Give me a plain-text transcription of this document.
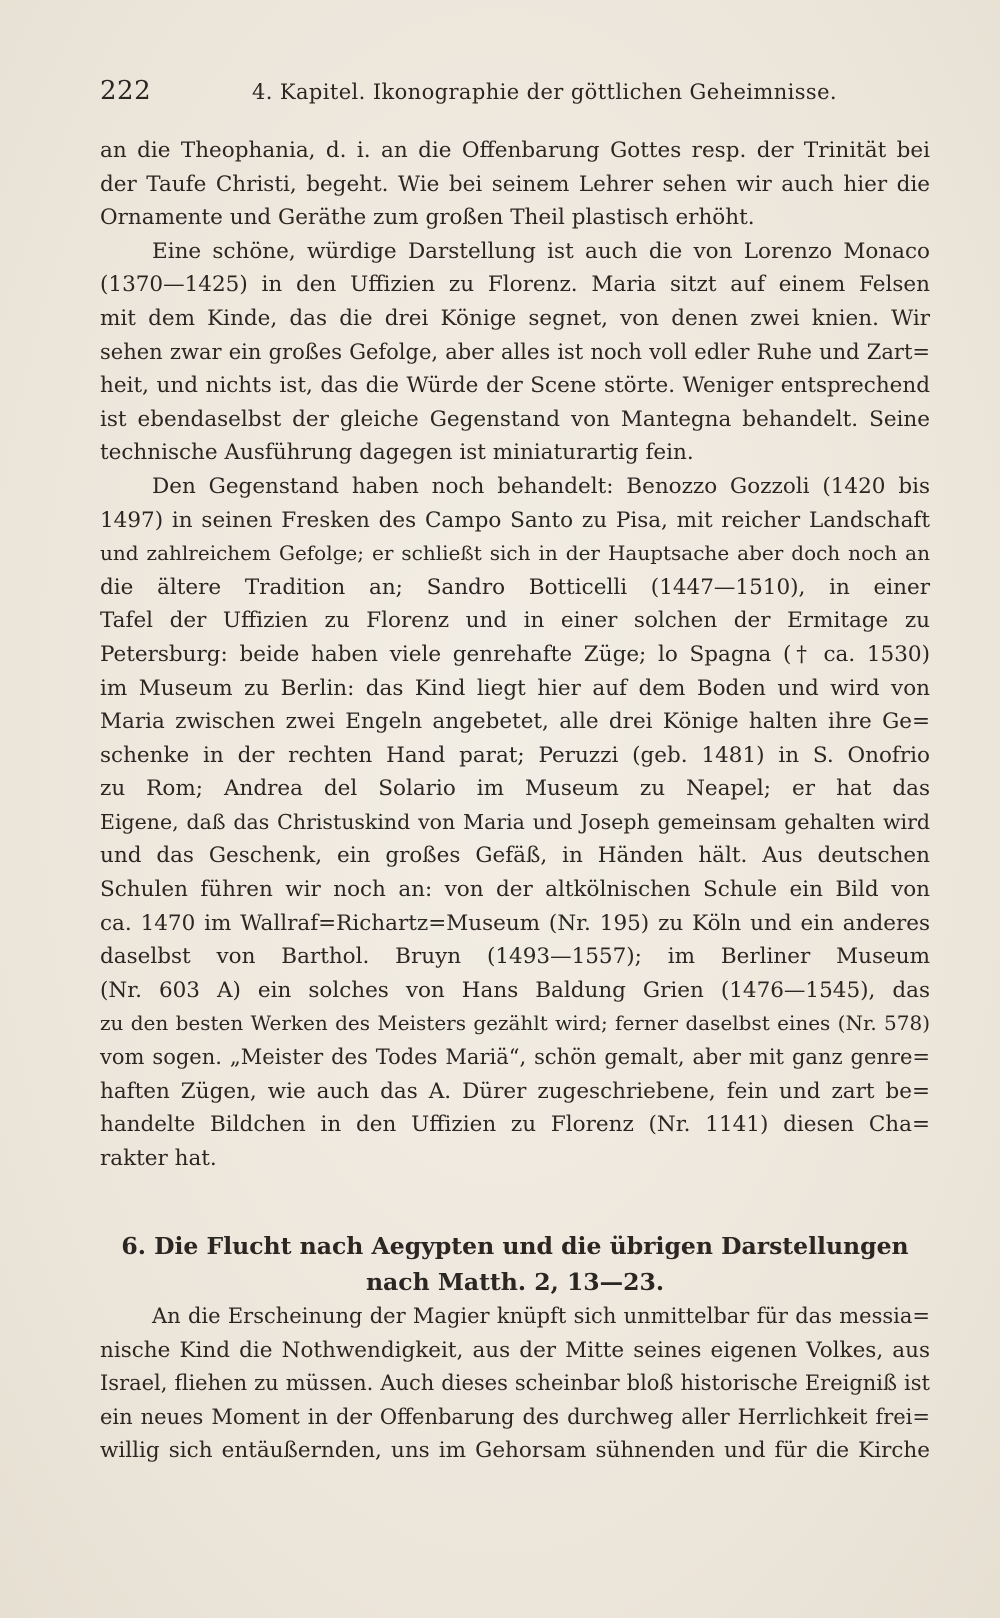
222	4. Kapitel. Ikonographie der göttlichen Geheimnisse.
an die Theophania, d. i. an die Offenbarung Gottes resp. der Trinität bei
der Taufe Christi, begeht. Wie bei seinem Lehrer sehen wir auch hier die
Ornamente und Geräthe zum großen Theil plastisch erhöht.
Eine schöne, würdige Darstellung ist auch die von Lorenzo Monaco
(1370—1425) in den Uffizien zu Florenz. Maria sitzt auf einem Felsen
mit dem Kinde, das die drei Könige segnet, von denen zwei knien. Wir
sehen zwar ein großes Gefolge, aber alles ist noch voll edler Ruhe und Zart=
heit, und nichts ist, das die Würde der Scene störte. Weniger entsprechend
ist ebendaselbst der gleiche Gegenstand von Mantegna behandelt. Seine
technische Ausführung dagegen ist miniaturartig fein.
Den Gegenstand haben noch behandelt: Benozzo Gozzoli (1420 bis
1497) in seinen Fresken des Campo Santo zu Pisa, mit reicher Landschaft
und zahlreichem Gefolge; er schließt sich in der Hauptsache aber doch noch an
die ältere Tradition an; Sandro Botticelli (1447—1510), in einer
Tafel der Uffizien zu Florenz und in einer solchen der Ermitage zu
Petersburg: beide haben viele genrehafte Züge; lo Spagna († ca. 1530)
im Museum zu Berlin: das Kind liegt hier auf dem Boden und wird von
Maria zwischen zwei Engeln angebetet, alle drei Könige halten ihre Ge=
schenke in der rechten Hand parat; Peruzzi (geb. 1481) in S. Onofrio
zu Rom; Andrea del Solario im Museum zu Neapel; er hat das
Eigene, daß das Christuskind von Maria und Joseph gemeinsam gehalten wird
und das Geschenk, ein großes Gefäß, in Händen hält. Aus deutschen
Schulen führen wir noch an: von der altkölnischen Schule ein Bild von
ca. 1470 im Wallraf=Richartz=Museum (Nr. 195) zu Köln und ein anderes
daselbst von Barthol. Bruyn (1493—1557); im Berliner Museum
(Nr. 603 A) ein solches von Hans Baldung Grien (1476—1545), das
zu den besten Werken des Meisters gezählt wird; ferner daselbst eines (Nr. 578)
vom sogen. „Meister des Todes Mariä“, schön gemalt, aber mit ganz genre=
haften Zügen, wie auch das A. Dürer zugeschriebene, fein und zart be=
handelte Bildchen in den Uffizien zu Florenz (Nr. 1141) diesen Cha=
rakter hat.
6. Die Flucht nach Aegypten und die übrigen Darstellungen
nach Matth. 2, 13—23.
An die Erscheinung der Magier knüpft sich unmittelbar für das messia=
nische Kind die Nothwendigkeit, aus der Mitte seines eigenen Volkes, aus
Israel, fliehen zu müssen. Auch dieses scheinbar bloß historische Ereigniß ist
ein neues Moment in der Offenbarung des durchweg aller Herrlichkeit frei=
willig sich entäußernden, uns im Gehorsam sühnenden und für die Kirche
